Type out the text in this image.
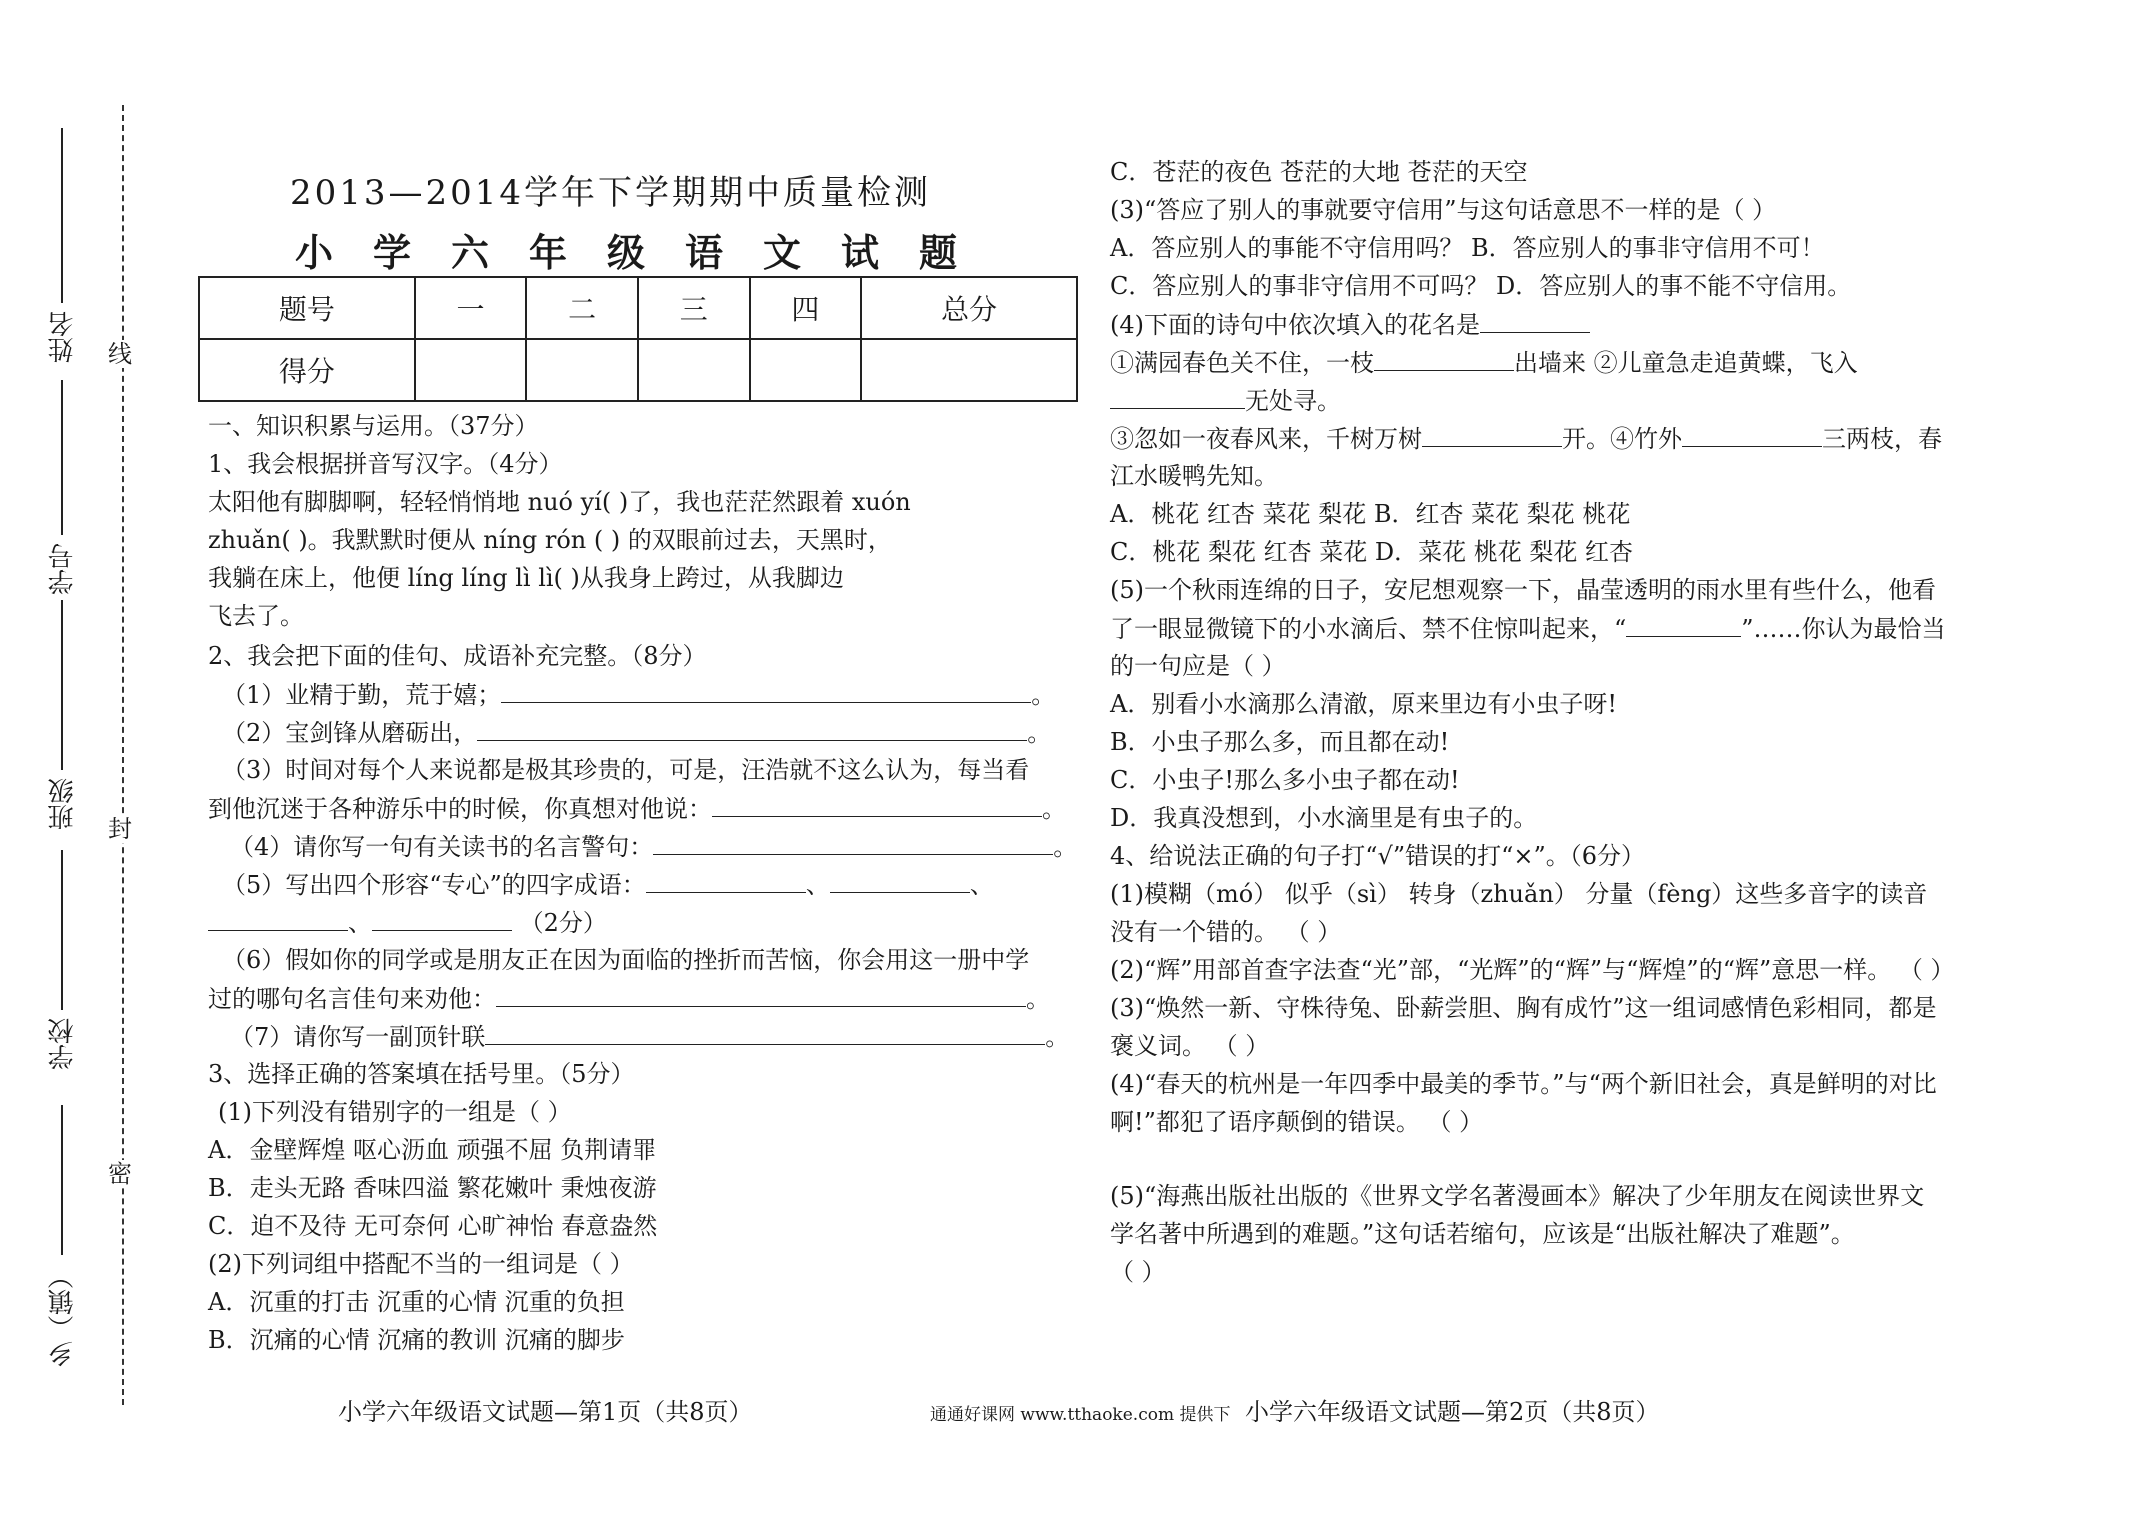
线
封
密
姓名
学号
班级
学校
乡（镇）
2013—2014学年下学期期中质量检测
小学六年级语文试题
题号	一	二	三	四	总分
得分					
一、知识积累与运用。（37分）
1、我会根据拼音写汉字。（4分）
太阳他有脚脚啊，轻轻悄悄地 nuó yí( )了，我也茫茫然跟着 xuón
zhuǎn( )。我默默时便从 níng rón ( ) 的双眼前过去，天黑时，
我躺在床上，他便 líng líng lì lì( )从我身上跨过，从我脚边
飞去了。
2、我会把下面的佳句、成语补充完整。（8分）
（1）业精于勤，荒于嬉；	。
（2）宝剑锋从磨砺出，	。
（3）时间对每个人来说都是极其珍贵的，可是，汪浩就不这么认为，每当看
到他沉迷于各种游乐中的时候，你真想对他说：	。
（4）请你写一句有关读书的名言警句：	。
（5）写出四个形容“专心”的四字成语：	、	、
、	（2分）
（6）假如你的同学或是朋友正在因为面临的挫折而苦恼，你会用这一册中学
过的哪句名言佳句来劝他：	。
（7）请你写一副顶针联	。
3、选择正确的答案填在括号里。（5分）
(1)下列没有错别字的一组是（ ）
A．金壁辉煌 呕心沥血 顽强不屈 负荆请罪
B．走头无路 香味四溢 繁花嫩叶 秉烛夜游
C．迫不及待 无可奈何 心旷神怡 春意盎然
(2)下列词组中搭配不当的一组词是（ ）
A．沉重的打击 沉重的心情 沉重的负担
B．沉痛的心情 沉痛的教训 沉痛的脚步
C．苍茫的夜色 苍茫的大地 苍茫的天空
(3)“答应了别人的事就要守信用”与这句话意思不一样的是（ ）
A．答应别人的事能不守信用吗？ B．答应别人的事非守信用不可！
C．答应别人的事非守信用不可吗？ D．答应别人的事不能不守信用。
(4)下面的诗句中依次填入的花名是
①满园春色关不住，一枝	出墙来 ②儿童急走追黄蝶，飞入
无处寻。
③忽如一夜春风来，千树万树	开。④竹外	三两枝，春
江水暖鸭先知。
A．桃花 红杏 菜花 梨花 B．红杏 菜花 梨花 桃花
C．桃花 梨花 红杏 菜花 D．菜花 桃花 梨花 红杏
(5)一个秋雨连绵的日子，安尼想观察一下，晶莹透明的雨水里有些什么，他看
了一眼显微镜下的小水滴后、禁不住惊叫起来，“	”……你认为最恰当
的一句应是（ ）
A．别看小水滴那么清澈，原来里边有小虫子呀!
B．小虫子那么多，而且都在动!
C．小虫子!那么多小虫子都在动!
D．我真没想到，小水滴里是有虫子的。
4、给说法正确的句子打“√”错误的打“×”。（6分）
(1)模糊（mó） 似乎（sì） 转身（zhuǎn） 分量（fèng）这些多音字的读音
没有一个错的。 （ ）
(2)“辉”用部首查字法查“光”部，“光辉”的“辉”与“辉煌”的“辉”意思一样。 （ ）
(3)“焕然一新、守株待兔、卧薪尝胆、胸有成竹”这一组词感情色彩相同，都是
褒义词。 （ ）
(4)“春天的杭州是一年四季中最美的季节。”与“两个新旧社会，真是鲜明的对比
啊!”都犯了语序颠倒的错误。 （ ）
(5)“海燕出版社出版的《世界文学名著漫画本》解决了少年朋友在阅读世界文
学名著中所遇到的难题。”这句话若缩句，应该是“出版社解决了难题”。
（ ）
小学六年级语文试题—第1页（共8页）	通通好课网 www.tthaoke.com 提供下 小学六年级语文试题—第2页（共8页）
